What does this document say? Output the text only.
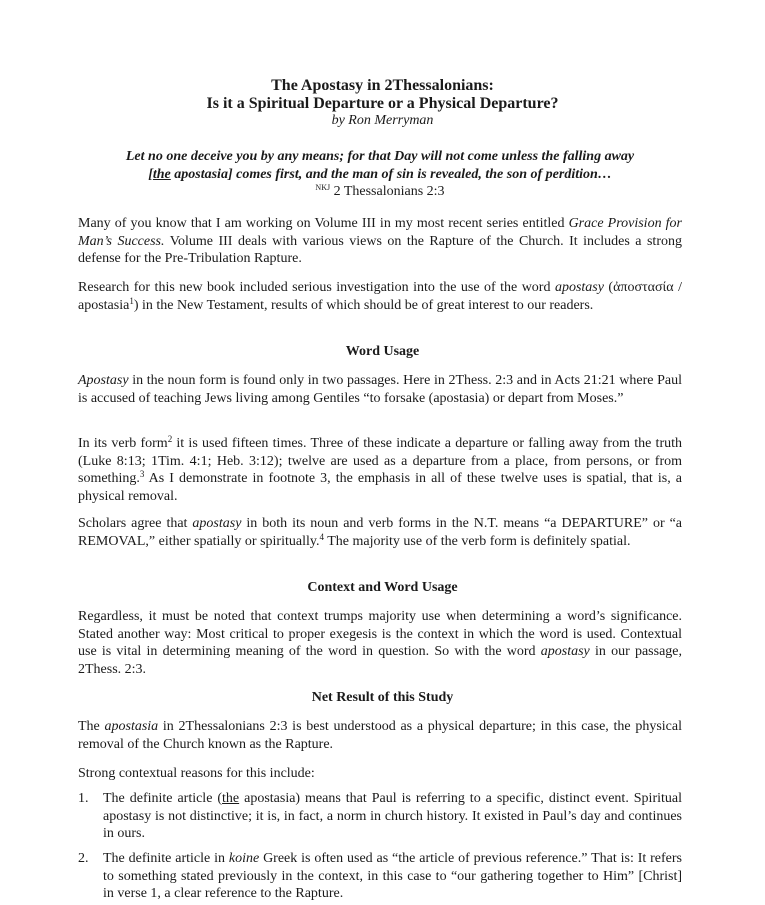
The Apostasy in 2Thessalonians:
Is it a Spiritual Departure or a Physical Departure?
by Ron Merryman
Let no one deceive you by any means; for that Day will not come unless the falling away
[the apostasia] comes first, and the man of sin is revealed, the son of perdition…
$^{NKJ}$ 2 Thessalonians 2:3
Many of you know that I am working on Volume III in my most recent series entitled Grace Provision for Man’s Success. Volume III deals with various views on the Rapture of the Church. It includes a strong defense for the Pre-Tribulation Rapture.
Research for this new book included serious investigation into the use of the word apostasy (ἀποστασία / apostasia$^1$) in the New Testament, results of which should be of great interest to our readers.
Word Usage
Apostasy in the noun form is found only in two passages. Here in 2Thess. 2:3 and in Acts 21:21 where Paul is accused of teaching Jews living among Gentiles “to forsake (apostasia) or depart from Moses.”
In its verb form$^2$ it is used fifteen times. Three of these indicate a departure or falling away from the truth (Luke 8:13; 1Tim. 4:1; Heb. 3:12); twelve are used as a departure from a place, from persons, or from something.$^3$ As I demonstrate in footnote 3, the emphasis in all of these twelve uses is spatial, that is, a physical removal.
Scholars agree that apostasy in both its noun and verb forms in the N.T. means “a DEPARTURE” or “a REMOVAL,” either spatially or spiritually.$^4$ The majority use of the verb form is definitely spatial.
Context and Word Usage
Regardless, it must be noted that context trumps majority use when determining a word’s significance. Stated another way: Most critical to proper exegesis is the context in which the word is used. Contextual use is vital in determining meaning of the word in question. So with the word apostasy in our passage, 2Thess. 2:3.
Net Result of this Study
The apostasia in 2Thessalonians 2:3 is best understood as a physical departure; in this case, the physical removal of the Church known as the Rapture.
Strong contextual reasons for this include:
1.	The definite article (the apostasia) means that Paul is referring to a specific, distinct event. Spiritual apostasy is not distinctive; it is, in fact, a norm in church history. It existed in Paul’s day and continues in ours.
2.	The definite article in koine Greek is often used as “the article of previous reference.” That is: It refers to something stated previously in the context, in this case to “our gathering together to Him” [Christ] in verse 1, a clear reference to the Rapture.
